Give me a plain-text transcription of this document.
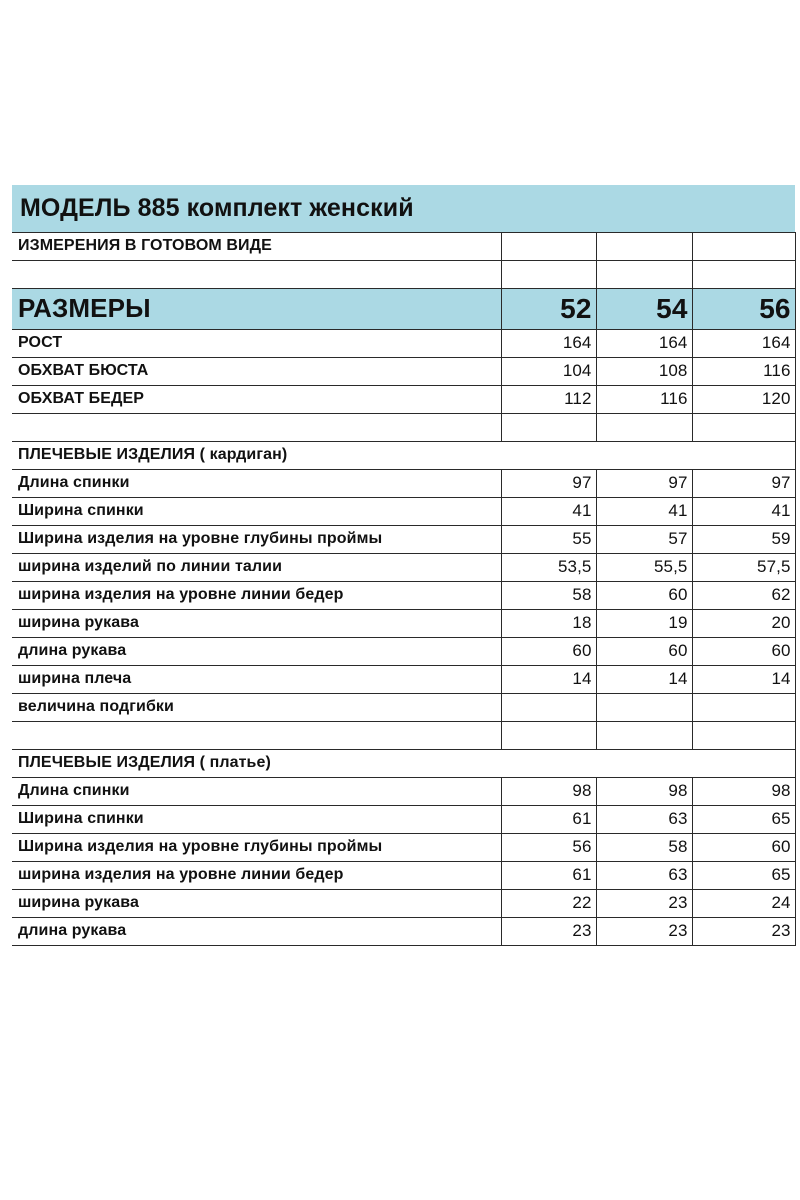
МОДЕЛЬ 885 комплект женский			
ИЗМЕРЕНИЯ В ГОТОВОМ ВИДЕ			

РАЗМЕРЫ	52	54	56
РОСТ	164	164	164
ОБХВАТ БЮСТА	104	108	116
ОБХВАТ БЕДЕР	112	116	120

ПЛЕЧЕВЫЕ ИЗДЕЛИЯ ( кардиган)			
Длина спинки	97	97	97
Ширина спинки	41	41	41
Ширина изделия на уровне глубины проймы	55	57	59
ширина изделий по линии талии	53,5	55,5	57,5
ширина изделия на уровне линии бедер	58	60	62
ширина рукава	18	19	20
длина рукава	60	60	60
ширина плеча	14	14	14
величина подгибки			

ПЛЕЧЕВЫЕ ИЗДЕЛИЯ ( платье)			
Длина спинки	98	98	98
Ширина спинки	61	63	65
Ширина изделия на уровне глубины проймы	56	58	60
ширина изделия на уровне линии бедер	61	63	65
ширина рукава	22	23	24
длина рукава	23	23	23
